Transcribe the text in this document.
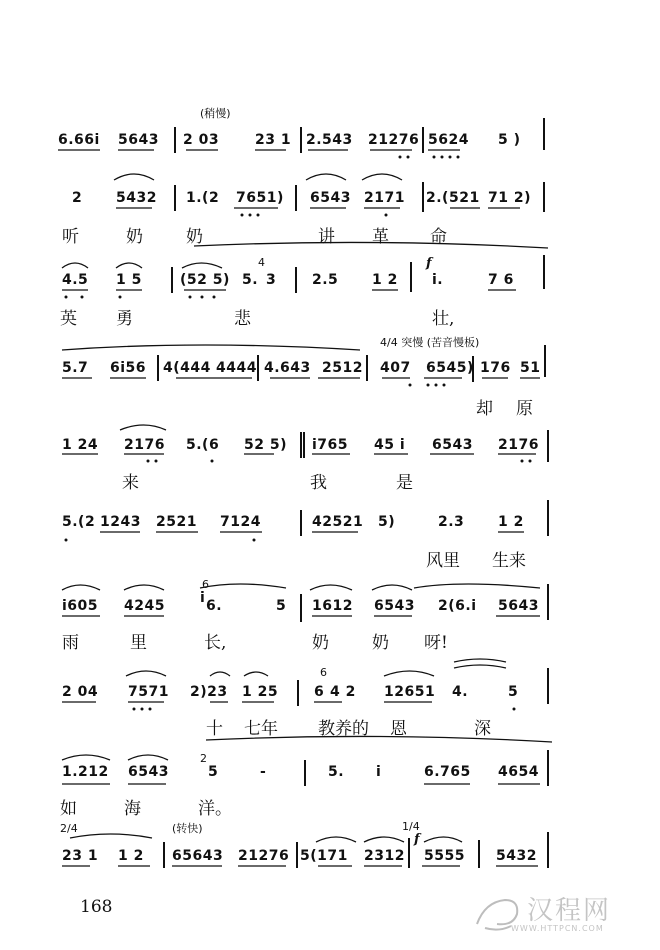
(稍慢)
6.66i 5643 2 03	23 1 2.543 21276 5624 5 )
2 5432 1.(2 7651) 6543 2171 2.(521 71 2)
听	奶	奶	讲 革 命
4	f
4.5 1 5	(52 5) 5. 3	2.5 1 2 i.	7 6
英 勇	悲	壮,
4/4 突慢 (苦音慢板)
5.7 6i56 4(444 4444 4.643 2512 407 6545) 176 51
却 原
1 24 2176 5.(6 52 5) i765 45 i 6543 2176
来	我	是
5.(2 1243 2521 7124	42521 5)	2.3 1 2
风里 生来
6
i605 4245	i 6.	5 1612 6543 2(6.i 5643
雨	里	长,	奶	奶 呀!
6
2 04 7571 2)23 1 25	6 4 2 12651 4.	5
十 七年 教养的 恩	深
2
1.212 6543	5	-	5. i	6.765 4654
如	海	洋。
2/4	(转快)	1/4
f
23 1 1 2 65643 21276 5(171 2312 5555 5432
168	汉程网
WWW.HTTPCN.COM
